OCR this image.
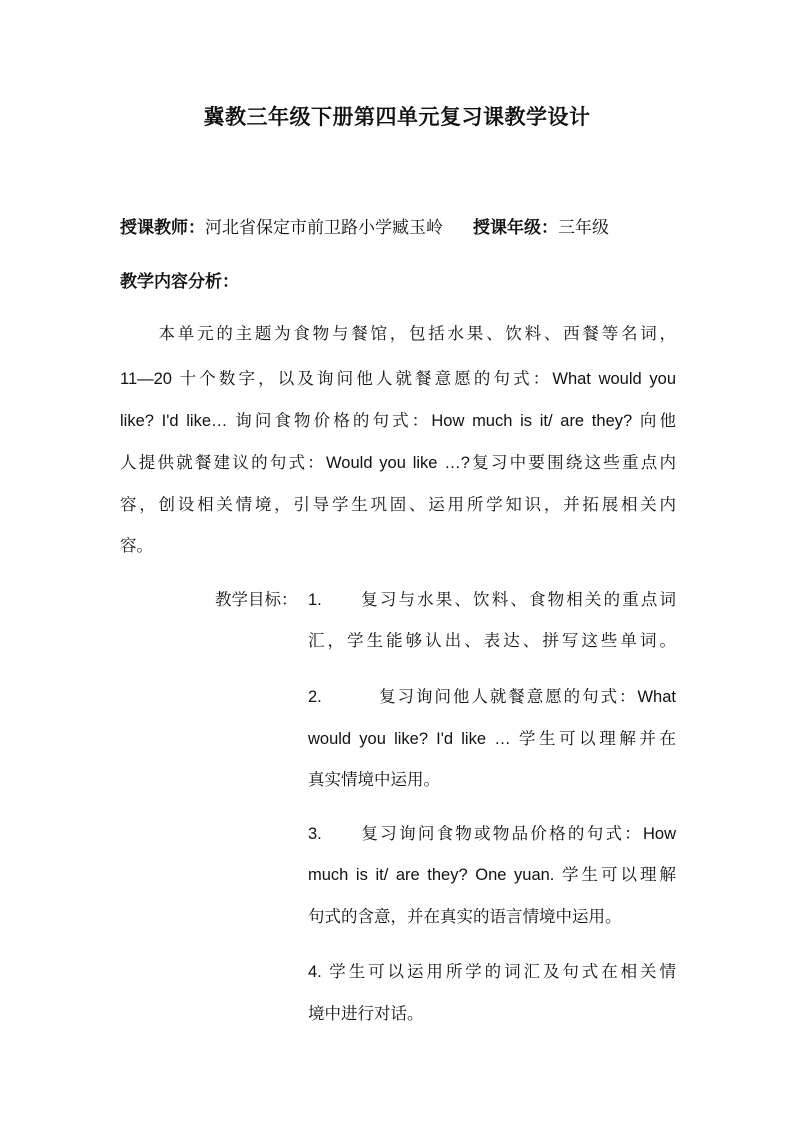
冀教三年级下册第四单元复习课教学设计
授课教师：河北省保定市前卫路小学臧玉岭 授课年级：三年级
教学内容分析：
　　本单元的主题为食物与餐馆，包括水果、饮料、西餐等名词，
11—20 十个数字，以及询问他人就餐意愿的句式：What would you
like? I'd like… 询问食物价格的句式：How much is it/ are they? 向他
人提供就餐建议的句式：Would you like …?复习中要围绕这些重点内
容，创设相关情境，引导学生巩固、运用所学知识，并拓展相关内
容。
教学目标： 1.　　复习与水果、饮料、食物相关的重点词
汇，学生能够认出、表达、拼写这些单词。
2.　　　复习询问他人就餐意愿的句式：What
would you like? I'd like … 学生可以理解并在
真实情境中运用。
3.　　复习询问食物或物品价格的句式：How
much is it/ are they? One yuan. 学生可以理解
句式的含意，并在真实的语言情境中运用。
4. 学生可以运用所学的词汇及句式在相关情
境中进行对话。
